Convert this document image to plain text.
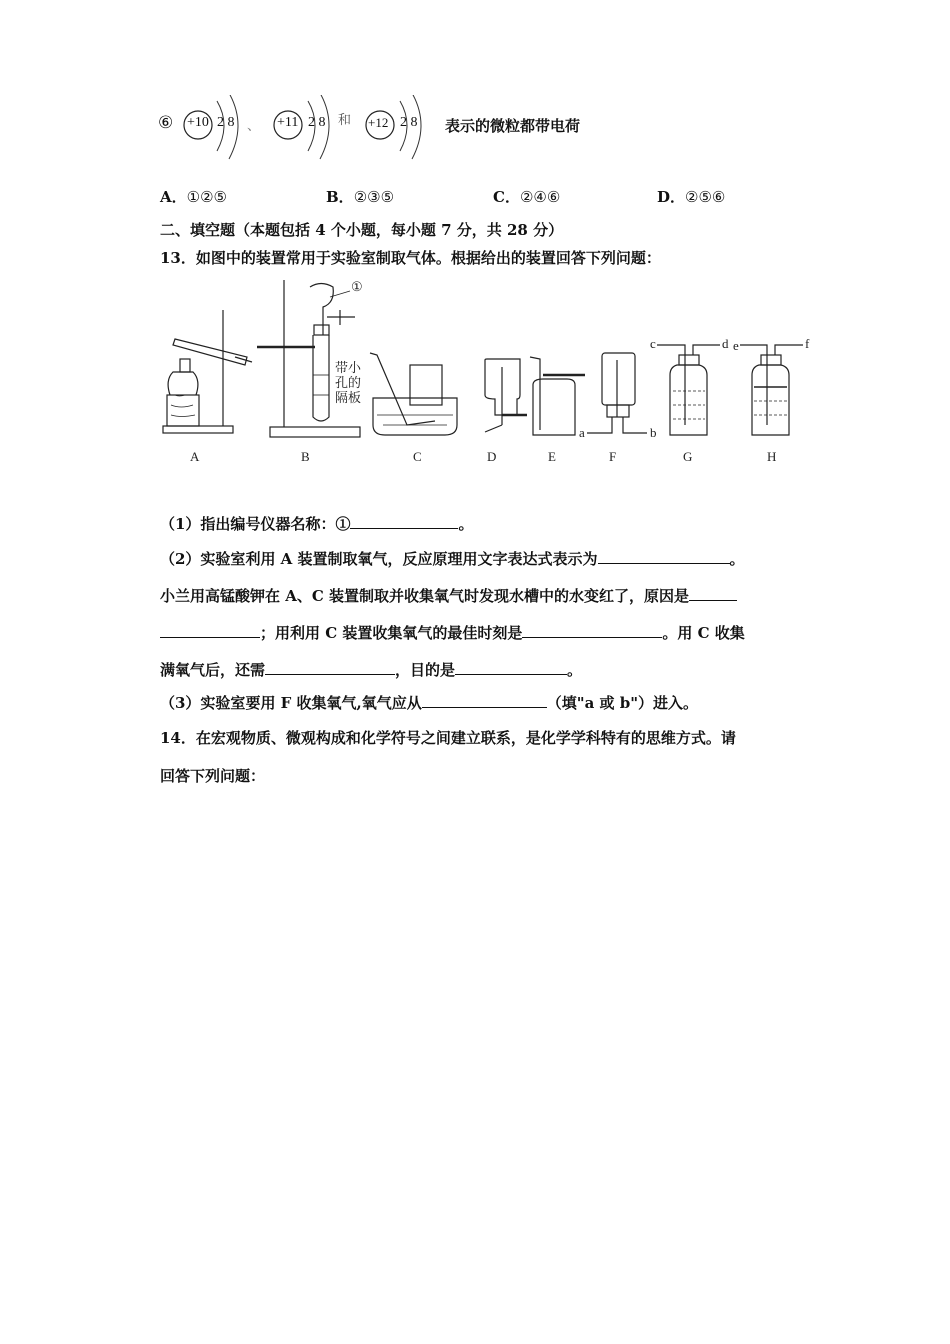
⑥ +10 2 8 、 +11 2 8 和 +12 2 8 表示的微粒都带电荷
A．①②⑤	B．②③⑤	C．②④⑥	D．②⑤⑥
二、填空题（本题包括 4 个小题，每小题 7 分，共 28 分）
13．如图中的装置常用于实验室制取气体。根据给出的装置回答下列问题：
①
带小
孔的
隔板
a	b
c	d e	f
A	B	C	D	E	F	G	H
（1）指出编号仪器名称：①	。
（2）实验室利用 A 装置制取氧气，反应原理用文字表达式表示为	。
小兰用高锰酸钾在 A、C 装置制取并收集氧气时发现水槽中的水变红了，原因是
；用利用 C 装置收集氧气的最佳时刻是	。用 C 收集
满氧气后，还需	，目的是	。
（3）实验室要用 F 收集氧气,氧气应从	（填"a 或 b"）进入。
14．在宏观物质、微观构成和化学符号之间建立联系，是化学学科特有的思维方式。请
回答下列问题：
